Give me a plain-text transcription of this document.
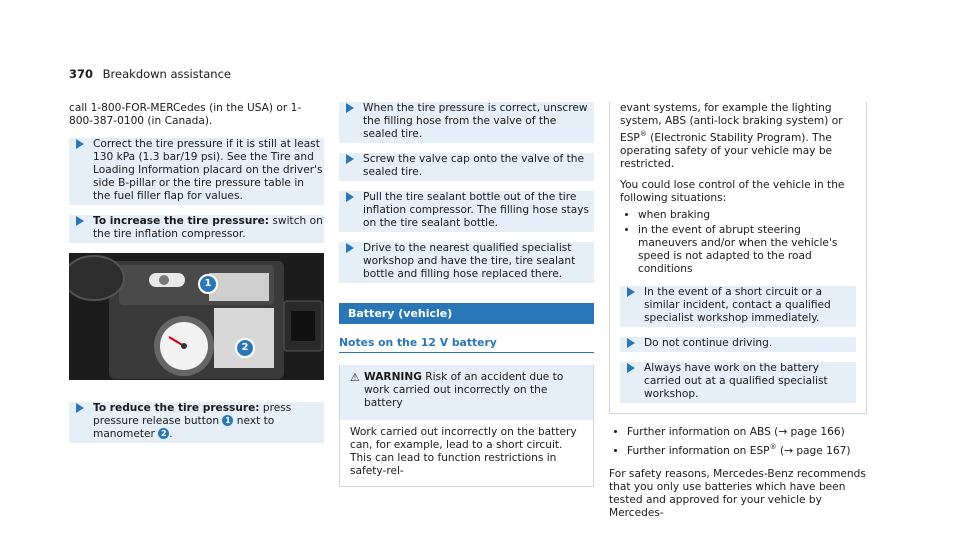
370 Breakdown assistance

call 1-800-FOR-MERCedes (in the USA) or 1-800-387-0100 (in Canada).

Correct the tire pressure if it is still at least 130 kPa (1.3 bar/19 psi). See the Tire and Loading Information placard on the driver's side B-pillar or the tire pressure table in the fuel filler flap for values.

To increase the tire pressure: switch on the tire inflation compressor.

1
2

To reduce the tire pressure: press pressure release button 1 next to manometer 2 .

When the tire pressure is correct, unscrew the filling hose from the valve of the sealed tire.

Screw the valve cap onto the valve of the sealed tire.

Pull the tire sealant bottle out of the tire inflation compressor. The filling hose stays on the tire sealant bottle.

Drive to the nearest qualified specialist workshop and have the tire, tire sealant bottle and filling hose replaced there.

Battery (vehicle)
Notes on the 12 V battery
⚠ WARNING Risk of an accident due to work carried out incorrectly on the battery

Work carried out incorrectly on the battery can, for example, lead to a short circuit. This can lead to function restrictions in safety-rel-

evant systems, for example the lighting system, ABS (anti-lock braking system) or ESP® (Electronic Stability Program). The operating safety of your vehicle may be restricted.

You could lose control of the vehicle in the following situations:

• when braking
• in the event of abrupt steering maneuvers and/or when the vehicle's speed is not adapted to the road conditions

In the event of a short circuit or a similar incident, contact a qualified specialist workshop immediately.

Do not continue driving.

Always have work on the battery carried out at a qualified specialist workshop.

• Further information on ABS (→ page 166)
• Further information on ESP® (→ page 167)

For safety reasons, Mercedes-Benz recommends that you only use batteries which have been tested and approved for your vehicle by Mercedes-
